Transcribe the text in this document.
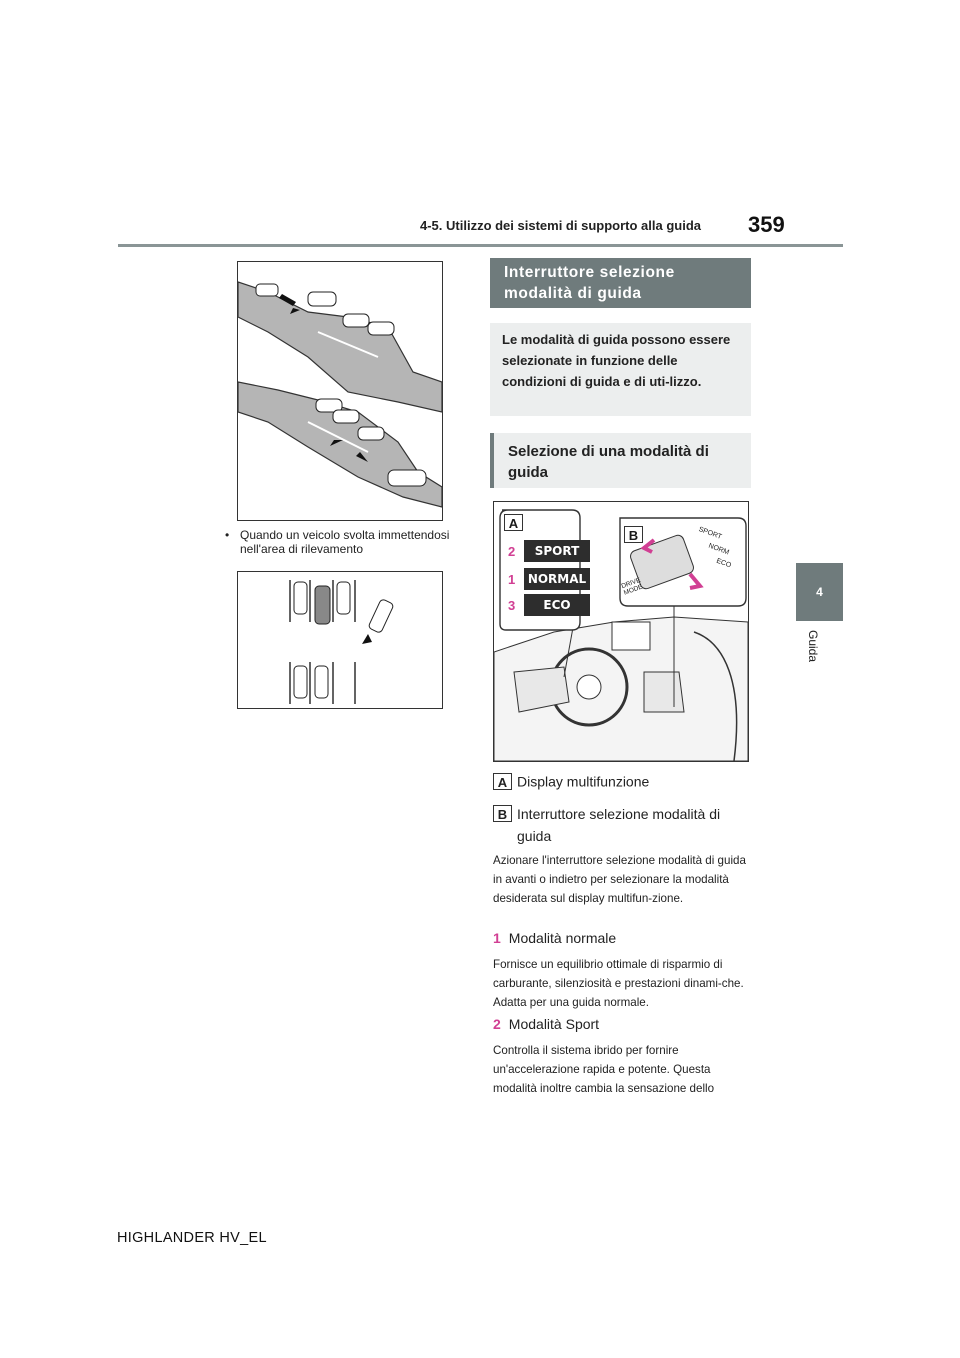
4-5. Utilizzo dei sistemi di supporto alla guida 359
4
Guida
• Quando un veicolo svolta immettendosi nell'area di rilevamento
Interruttore selezione modalità di guida
Le modalità di guida possono essere selezionate in funzione delle condizioni di guida e di uti-lizzo.
Selezione di una modalità di guida
A
B
2	SPORT
1	NORMAL
3	ECO
SPORT
NORM
ECO
DRIVE MODE
A Display multifunzione
B Interruttore selezione modalità di guida
Azionare l'interruttore selezione modalità di guida in avanti o indietro per selezionare la modalità desiderata sul display multifun-zione.
1 Modalità normale
Fornisce un equilibrio ottimale di risparmio di carburante, silenziosità e prestazioni dinami-che. Adatta per una guida normale.
2 Modalità Sport
Controlla il sistema ibrido per fornire un'accelerazione rapida e potente. Questa modalità inoltre cambia la sensazione dello
HIGHLANDER HV_EL
